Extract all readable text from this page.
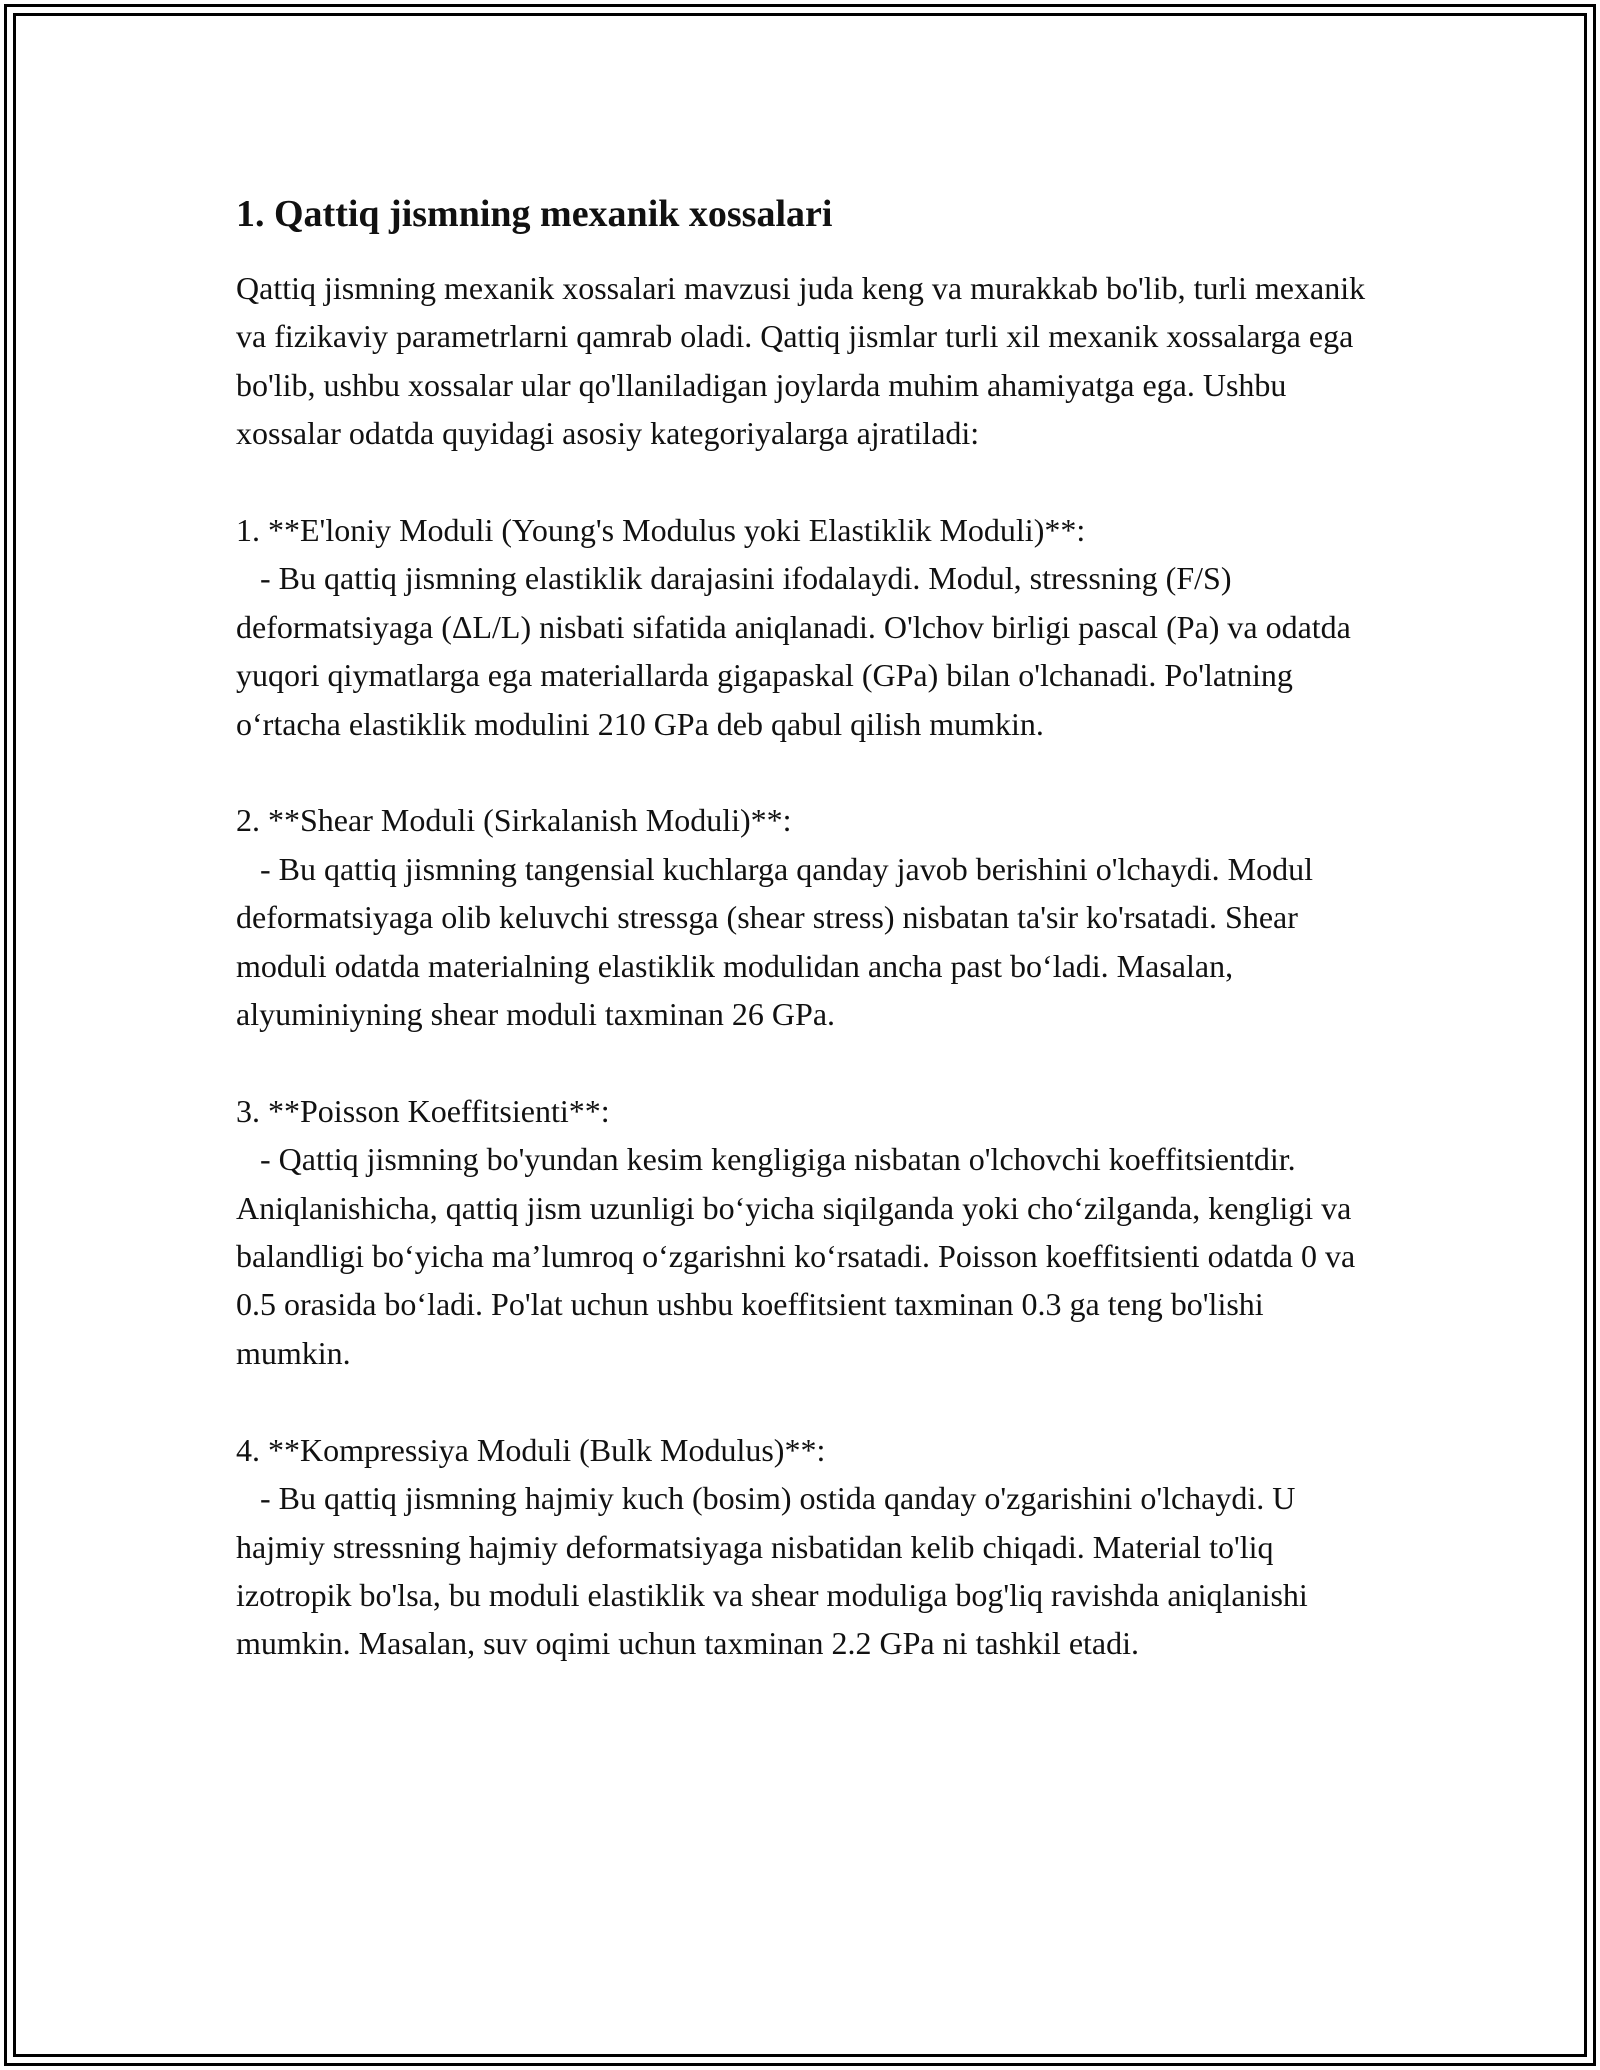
1. Qattiq jismning mexanik xossalari

Qattiq jismning mexanik xossalari mavzusi juda keng va murakkab bo'lib, turli mexanik va fizikaviy parametrlarni qamrab oladi. Qattiq jismlar turli xil mexanik xossalarga ega bo'lib, ushbu xossalar ular qo'llaniladigan joylarda muhim ahamiyatga ega. Ushbu xossalar odatda quyidagi asosiy kategoriyalarga ajratiladi:

1. **E'loniy Moduli (Young's Modulus yoki Elastiklik Moduli)**:
- Bu qattiq jismning elastiklik darajasini ifodalaydi. Modul, stressning (F/S) deformatsiyaga (ΔL/L) nisbati sifatida aniqlanadi. O'lchov birligi pascal (Pa) va odatda yuqori qiymatlarga ega materiallarda gigapaskal (GPa) bilan o'lchanadi. Po'latning oʻrtacha elastiklik modulini 210 GPa deb qabul qilish mumkin.
2. **Shear Moduli (Sirkalanish Moduli)**:
- Bu qattiq jismning tangensial kuchlarga qanday javob berishini o'lchaydi. Modul deformatsiyaga olib keluvchi stressga (shear stress) nisbatan ta'sir ko'rsatadi. Shear moduli odatda materialning elastiklik modulidan ancha past boʻladi. Masalan, alyuminiyning shear moduli taxminan 26 GPa.
3. **Poisson Koeffitsienti**:
- Qattiq jismning bo'yundan kesim kengligiga nisbatan o'lchovchi koeffitsientdir. Aniqlanishicha, qattiq jism uzunligi boʻyicha siqilganda yoki choʻzilganda, kengligi va balandligi boʻyicha ma’lumroq oʻzgarishni koʻrsatadi. Poisson koeffitsienti odatda 0 va 0.5 orasida boʻladi. Po'lat uchun ushbu koeffitsient taxminan 0.3 ga teng bo'lishi mumkin.
4. **Kompressiya Moduli (Bulk Modulus)**:
- Bu qattiq jismning hajmiy kuch (bosim) ostida qanday o'zgarishini o'lchaydi. U hajmiy stressning hajmiy deformatsiyaga nisbatidan kelib chiqadi. Material to'liq izotropik bo'lsa, bu moduli elastiklik va shear moduliga bog'liq ravishda aniqlanishi mumkin. Masalan, suv oqimi uchun taxminan 2.2 GPa ni tashkil etadi.
